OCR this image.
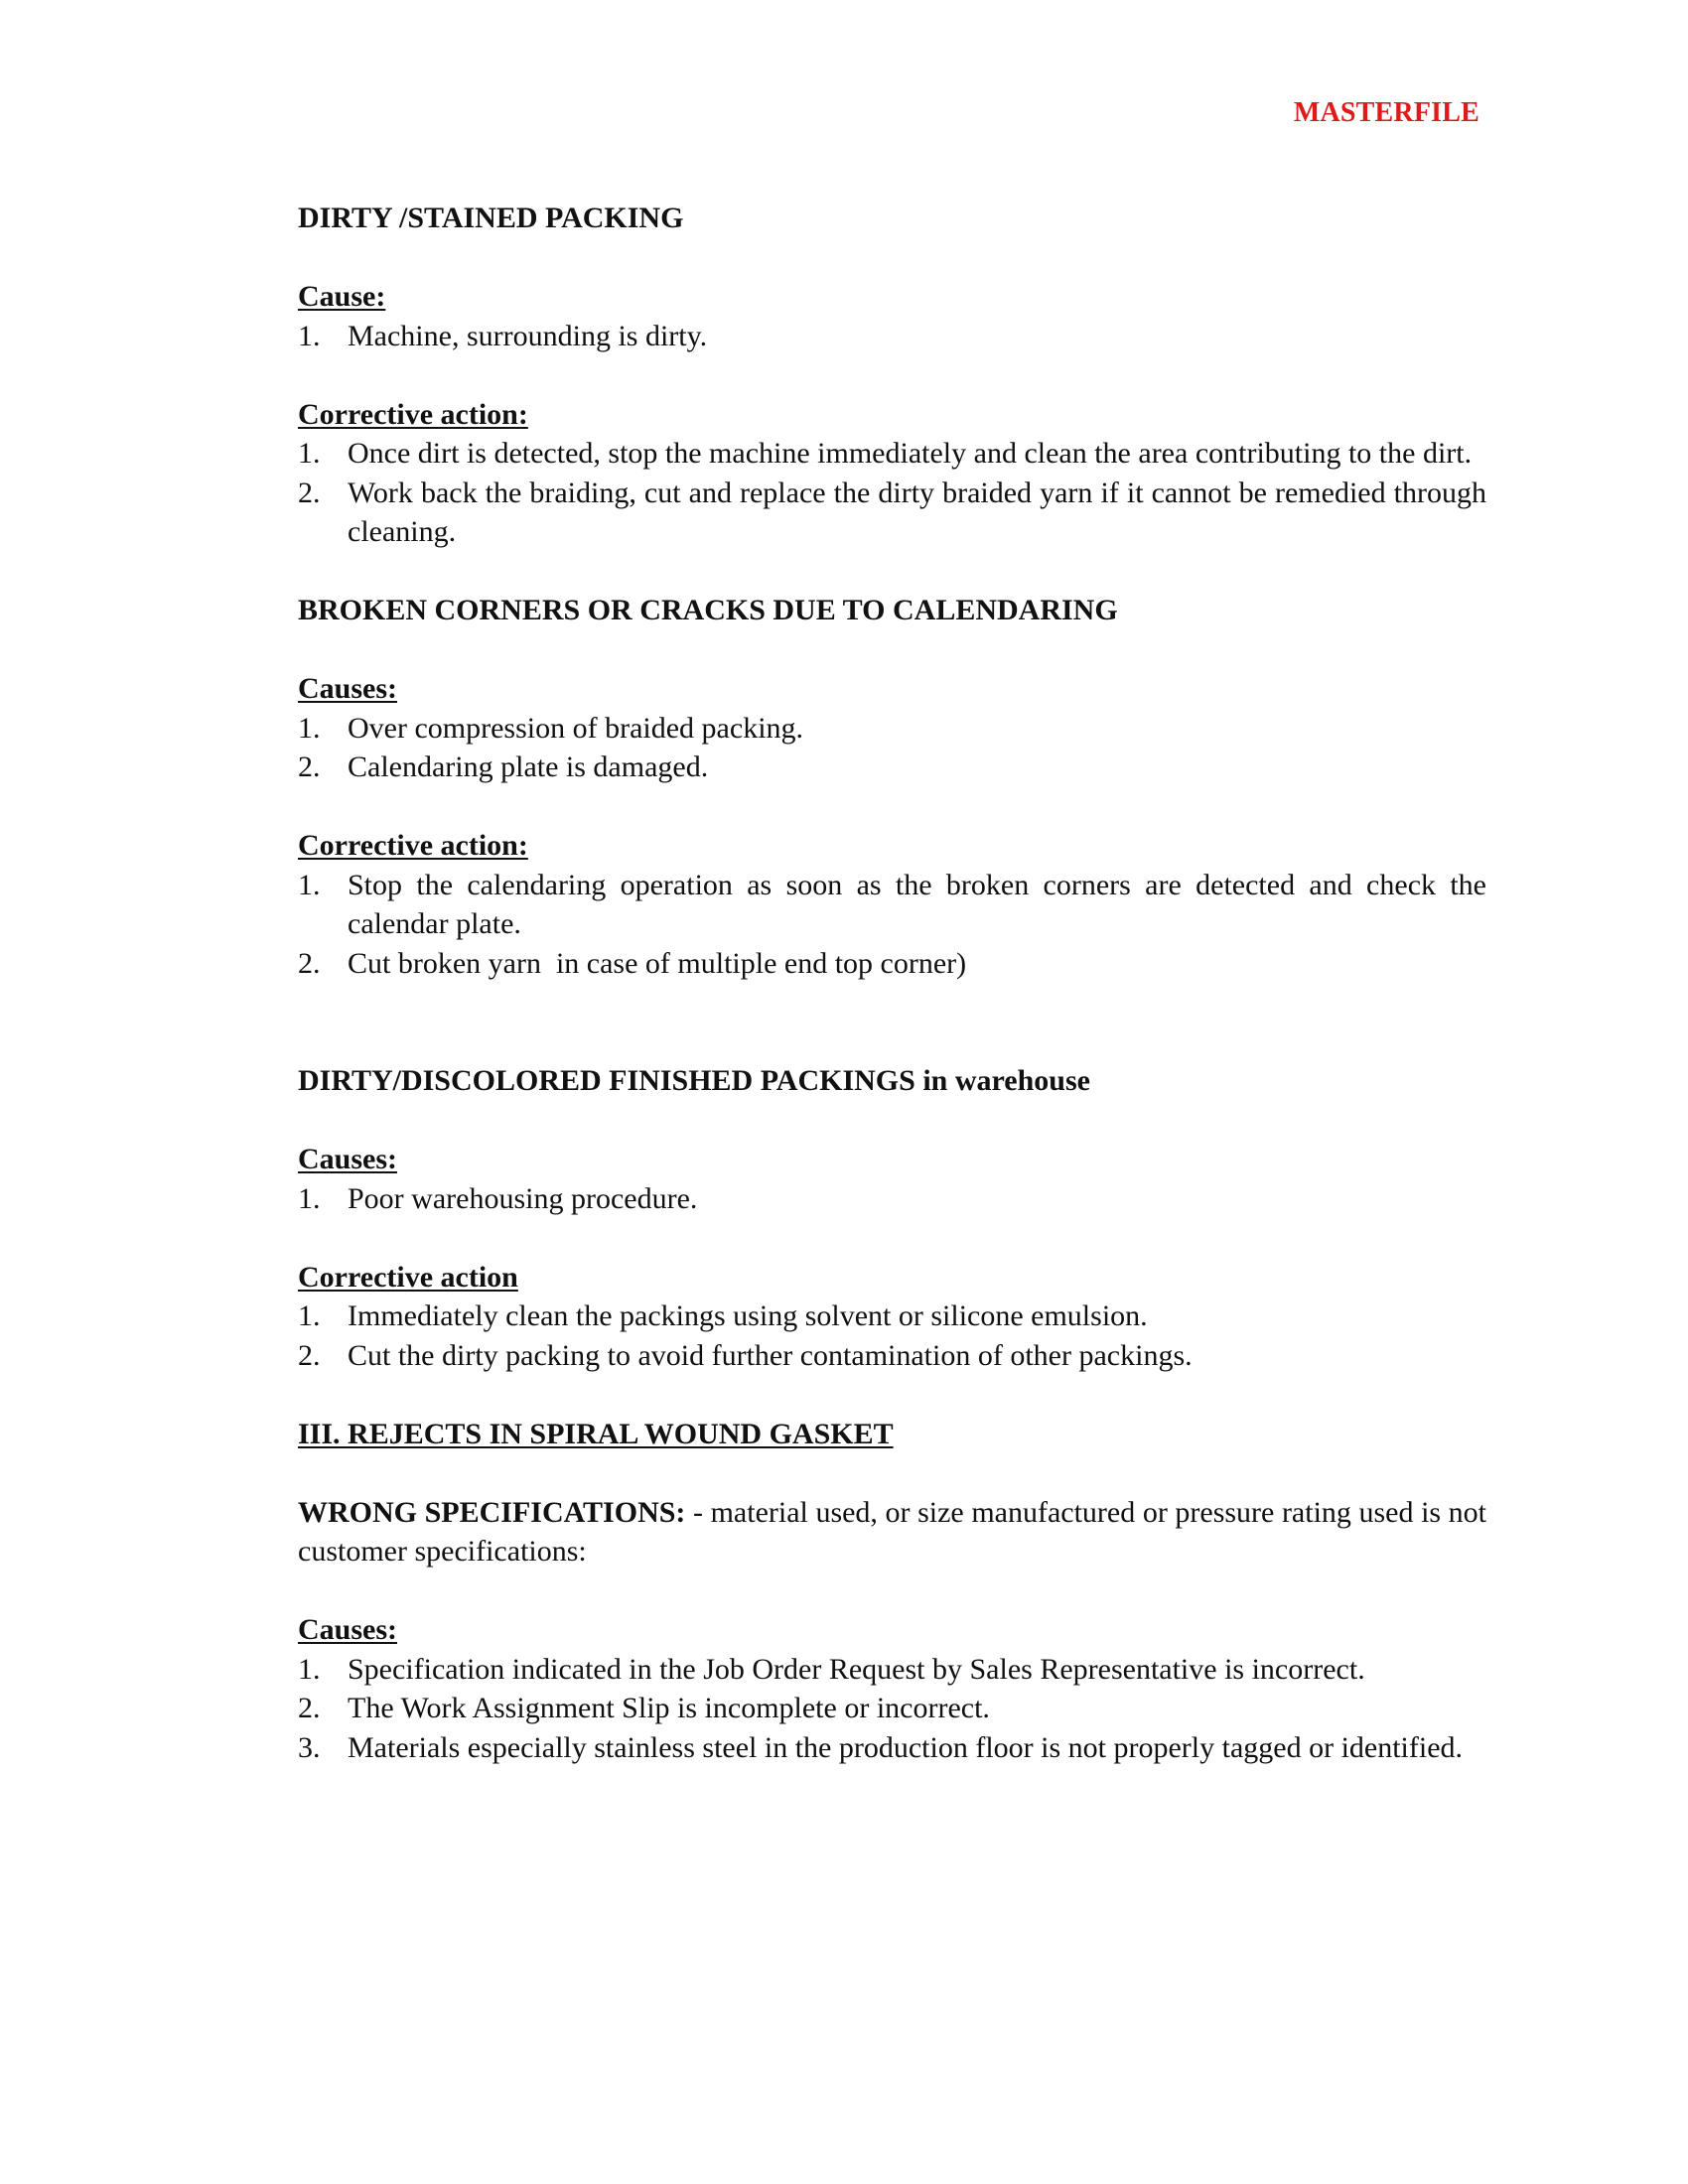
MASTERFILE

DIRTY /STAINED PACKING

Cause:

1. Machine, surrounding is dirty.

Corrective action:

1. Once dirt is detected, stop the machine immediately and clean the area contributing to the dirt.
2. Work back the braiding, cut and replace the dirty braided yarn if it cannot be remedied through cleaning.

BROKEN CORNERS OR CRACKS DUE TO CALENDARING

Causes:

1. Over compression of braided packing.
2. Calendaring plate is damaged.

Corrective action:

1. Stop the calendaring operation as soon as the broken corners are detected and check the calendar plate.
2. Cut broken yarn  in case of multiple end top corner)

DIRTY/DISCOLORED FINISHED PACKINGS in warehouse

Causes:

1. Poor warehousing procedure.

Corrective action

1. Immediately clean the packings using solvent or silicone emulsion.
2. Cut the dirty packing to avoid further contamination of other packings.

III. REJECTS IN SPIRAL WOUND GASKET

WRONG SPECIFICATIONS: - material used, or size manufactured or pressure rating used is not customer specifications:

Causes:

1. Specification indicated in the Job Order Request by Sales Representative is incorrect.
2. The Work Assignment Slip is incomplete or incorrect.
3. Materials especially stainless steel in the production floor is not properly tagged or identified.
